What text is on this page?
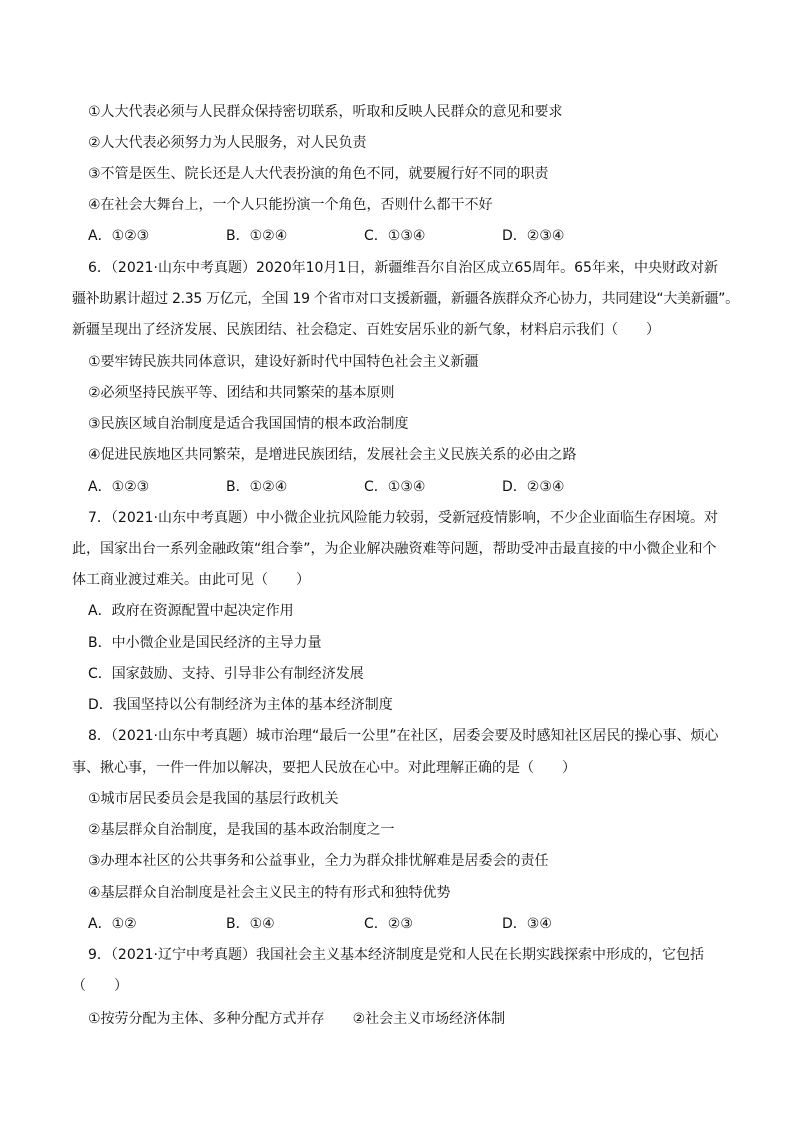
①人大代表必须与人民群众保持密切联系，听取和反映人民群众的意见和要求
②人大代表必须努力为人民服务，对人民负责
③不管是医生、院长还是人大代表扮演的角色不同，就要履行好不同的职责
④在社会大舞台上，一个人只能扮演一个角色，否则什么都干不好
A．①②③	B．①②④	C．①③④	D．②③④
6．（2021·山东中考真题）2020年10月1日，新疆维吾尔自治区成立65周年。65年来，中央财政对新
疆补助累计超过 2.35 万亿元，全国 19 个省市对口支援新疆，新疆各族群众齐心协力，共同建设“大美新疆”。
新疆呈现出了经济发展、民族团结、社会稳定、百姓安居乐业的新气象，材料启示我们（　　）
①要牢铸民族共同体意识，建设好新时代中国特色社会主义新疆
②必须坚持民族平等、团结和共同繁荣的基本原则
③民族区域自治制度是适合我国国情的根本政治制度
④促进民族地区共同繁荣，是增进民族团结，发展社会主义民族关系的必由之路
A．①②③	B．①②④	C．①③④	D．②③④
7．（2021·山东中考真题）中小微企业抗风险能力较弱，受新冠疫情影响，不少企业面临生存困境。对
此，国家出台一系列金融政策“组合拳”，为企业解决融资难等问题，帮助受冲击最直接的中小微企业和个
体工商业渡过难关。由此可见（　　）
A．政府在资源配置中起决定作用
B．中小微企业是国民经济的主导力量
C．国家鼓励、支持、引导非公有制经济发展
D．我国坚持以公有制经济为主体的基本经济制度
8．（2021·山东中考真题）城市治理“最后一公里”在社区，居委会要及时感知社区居民的操心事、烦心
事、揪心事，一件一件加以解决，要把人民放在心中。对此理解正确的是（　　）
①城市居民委员会是我国的基层行政机关
②基层群众自治制度，是我国的基本政治制度之一
③办理本社区的公共事务和公益事业，全力为群众排忧解难是居委会的责任
④基层群众自治制度是社会主义民主的特有形式和独特优势
A．①②	B．①④	C．②③	D．③④
9．（2021·辽宁中考真题）我国社会主义基本经济制度是党和人民在长期实践探索中形成的，它包括
（　　）
①按劳分配为主体、多种分配方式并存 ②社会主义市场经济体制
